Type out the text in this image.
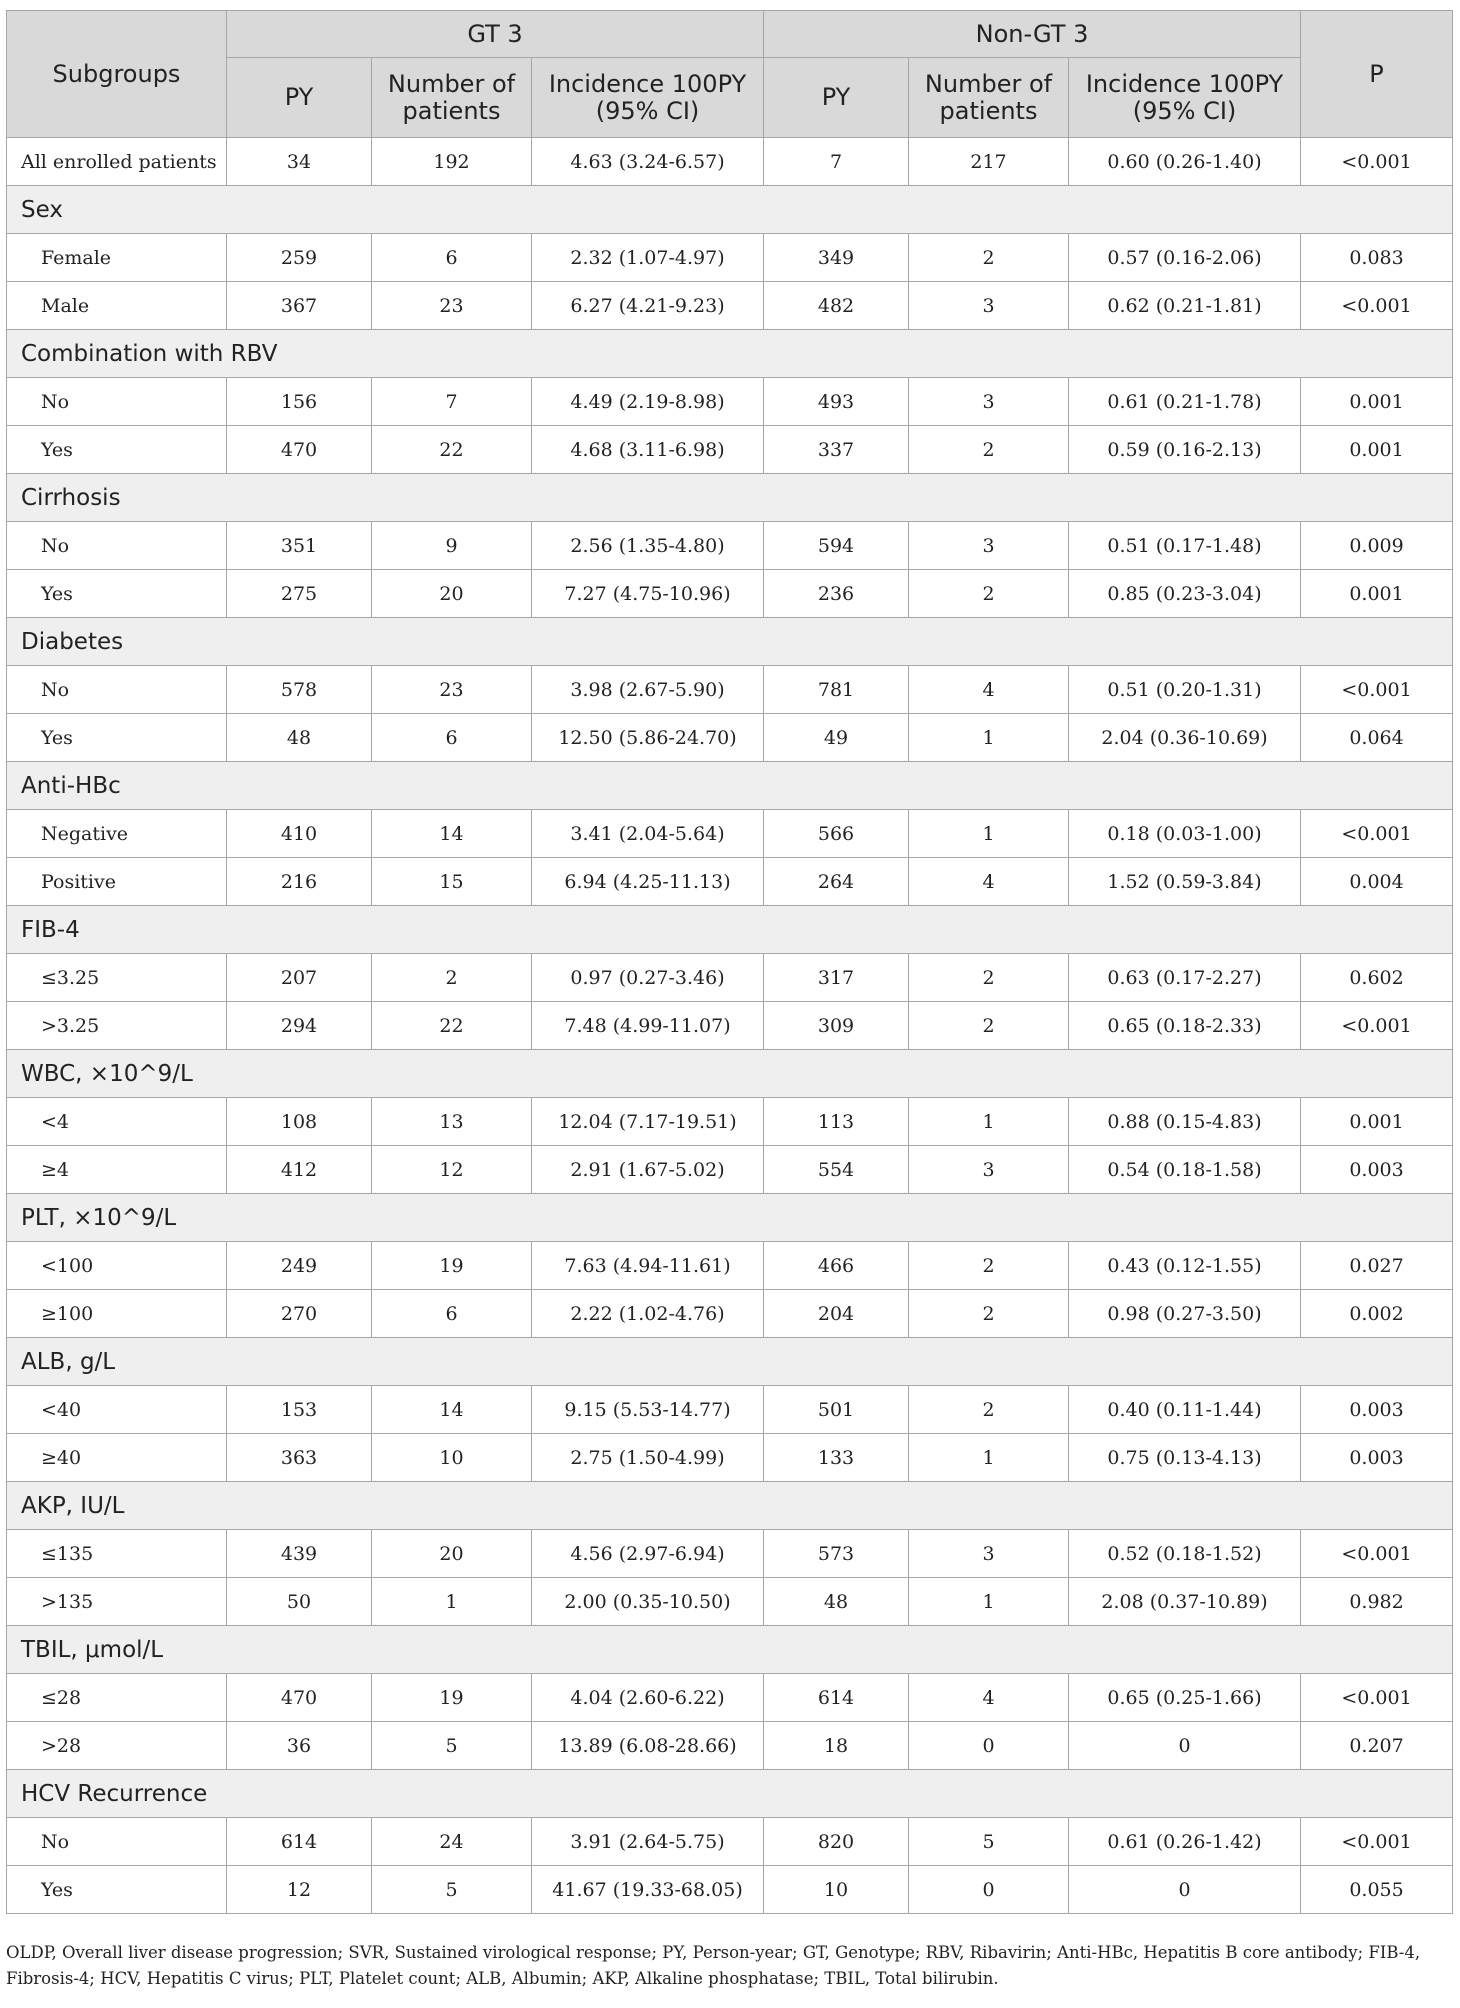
Subgroups	GT 3			Non-GT 3			P
	PY	Number of patients	Incidence 100PY (95% CI)	PY	Number of patients	Incidence 100PY (95% CI)	
All enrolled patients	34	192	4.63 (3.24-6.57)	7	217	0.60 (0.26-1.40)	<0.001
Sex							
Female	259	6	2.32 (1.07-4.97)	349	2	0.57 (0.16-2.06)	0.083
Male	367	23	6.27 (4.21-9.23)	482	3	0.62 (0.21-1.81)	<0.001
Combination with RBV							
No	156	7	4.49 (2.19-8.98)	493	3	0.61 (0.21-1.78)	0.001
Yes	470	22	4.68 (3.11-6.98)	337	2	0.59 (0.16-2.13)	0.001
Cirrhosis							
No	351	9	2.56 (1.35-4.80)	594	3	0.51 (0.17-1.48)	0.009
Yes	275	20	7.27 (4.75-10.96)	236	2	0.85 (0.23-3.04)	0.001
Diabetes							
No	578	23	3.98 (2.67-5.90)	781	4	0.51 (0.20-1.31)	<0.001
Yes	48	6	12.50 (5.86-24.70)	49	1	2.04 (0.36-10.69)	0.064
Anti-HBc							
Negative	410	14	3.41 (2.04-5.64)	566	1	0.18 (0.03-1.00)	<0.001
Positive	216	15	6.94 (4.25-11.13)	264	4	1.52 (0.59-3.84)	0.004
FIB-4							
≤3.25	207	2	0.97 (0.27-3.46)	317	2	0.63 (0.17-2.27)	0.602
>3.25	294	22	7.48 (4.99-11.07)	309	2	0.65 (0.18-2.33)	<0.001
WBC, ×10^9/L							
<4	108	13	12.04 (7.17-19.51)	113	1	0.88 (0.15-4.83)	0.001
≥4	412	12	2.91 (1.67-5.02)	554	3	0.54 (0.18-1.58)	0.003
PLT, ×10^9/L							
<100	249	19	7.63 (4.94-11.61)	466	2	0.43 (0.12-1.55)	0.027
≥100	270	6	2.22 (1.02-4.76)	204	2	0.98 (0.27-3.50)	0.002
ALB, g/L							
<40	153	14	9.15 (5.53-14.77)	501	2	0.40 (0.11-1.44)	0.003
≥40	363	10	2.75 (1.50-4.99)	133	1	0.75 (0.13-4.13)	0.003
AKP, IU/L							
≤135	439	20	4.56 (2.97-6.94)	573	3	0.52 (0.18-1.52)	<0.001
>135	50	1	2.00 (0.35-10.50)	48	1	2.08 (0.37-10.89)	0.982
TBIL, μmol/L							
≤28	470	19	4.04 (2.60-6.22)	614	4	0.65 (0.25-1.66)	<0.001
>28	36	5	13.89 (6.08-28.66)	18	0	0	0.207
HCV Recurrence							
No	614	24	3.91 (2.64-5.75)	820	5	0.61 (0.26-1.42)	<0.001
Yes	12	5	41.67 (19.33-68.05)	10	0	0	0.055
OLDP, Overall liver disease progression; SVR, Sustained virological response; PY, Person-year; GT, Genotype; RBV, Ribavirin; Anti-HBc, Hepatitis B core antibody; FIB-4, Fibrosis-4; HCV, Hepatitis C virus; PLT, Platelet count; ALB, Albumin; AKP, Alkaline phosphatase; TBIL, Total bilirubin.
